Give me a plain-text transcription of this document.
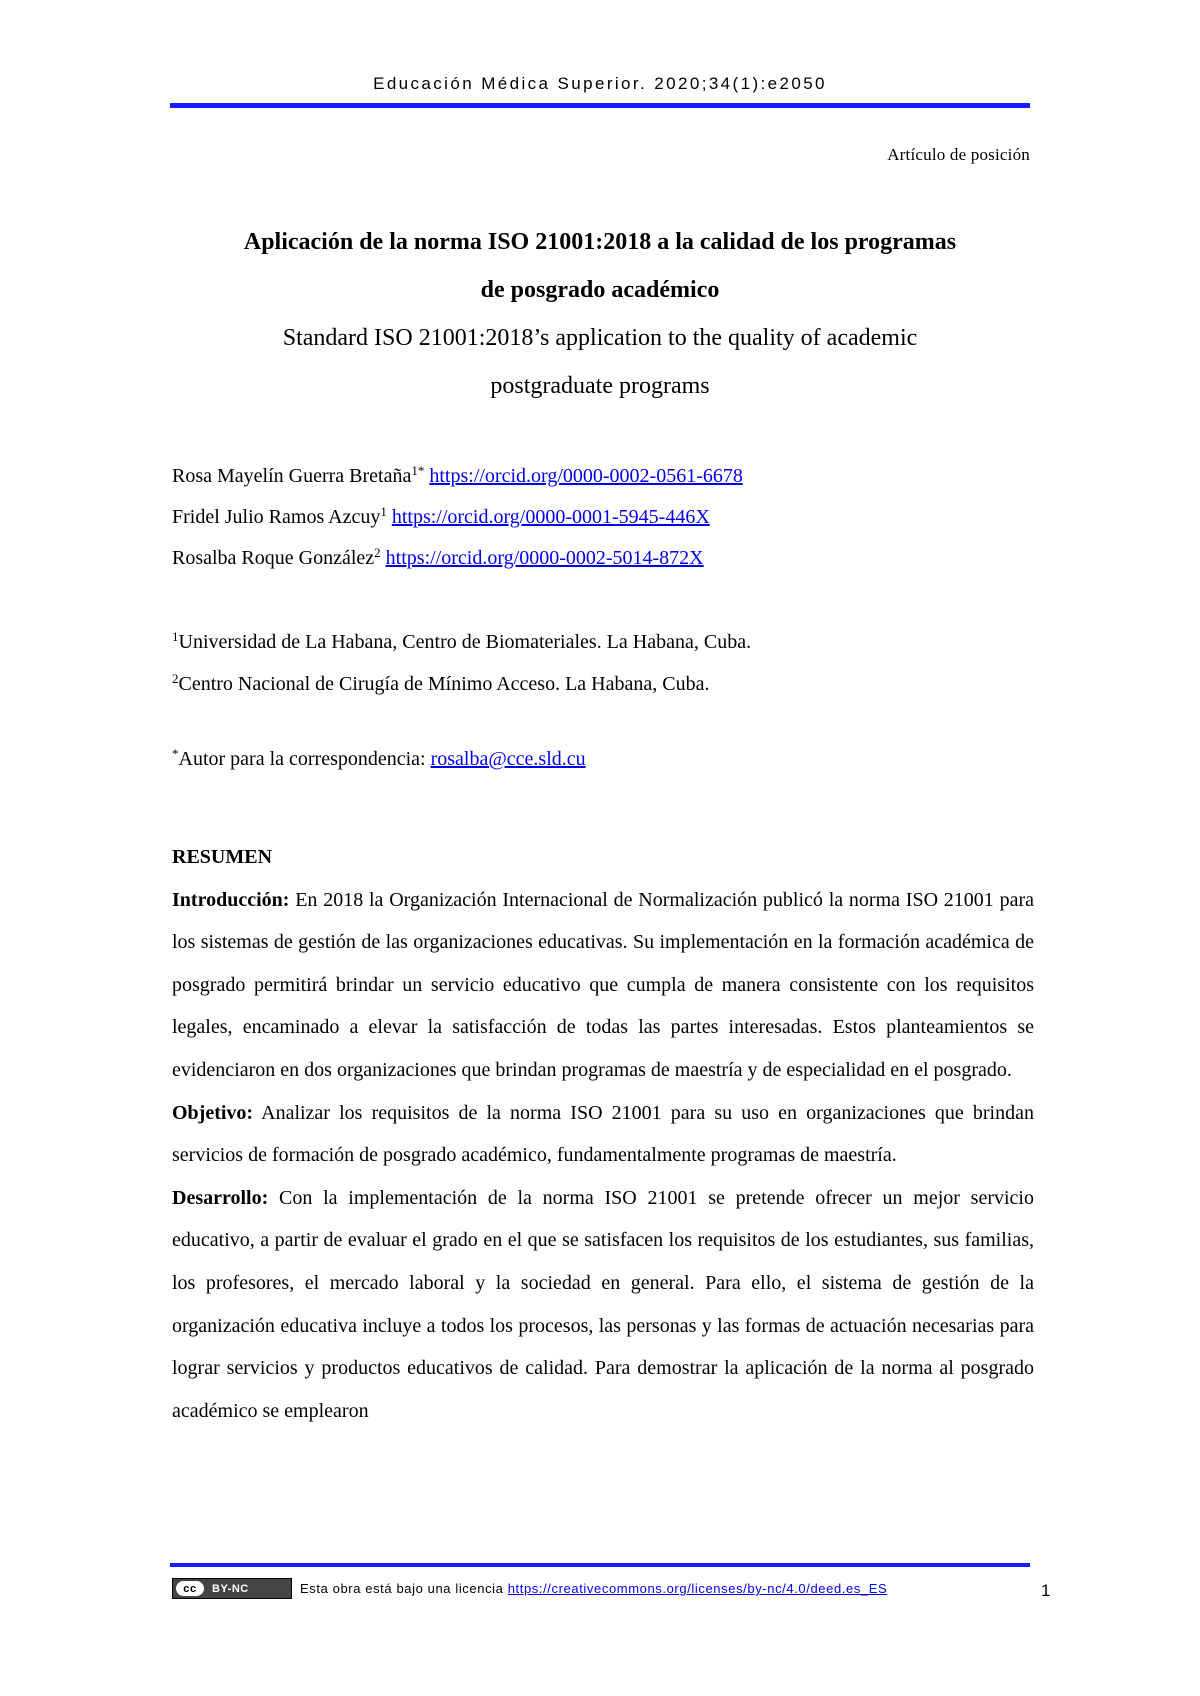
Educación Médica Superior. 2020;34(1):e2050
Artículo de posición
Aplicación de la norma ISO 21001:2018 a la calidad de los programas
de posgrado académico
Standard ISO 21001:2018’s application to the quality of academic
postgraduate programs
Rosa Mayelín Guerra Bretaña$^{1*}$ https://orcid.org/0000-0002-0561-6678
Fridel Julio Ramos Azcuy$^1$ https://orcid.org/0000-0001-5945-446X
Rosalba Roque González$^2$ https://orcid.org/0000-0002-5014-872X
$^1$Universidad de La Habana, Centro de Biomateriales. La Habana, Cuba.
$^2$Centro Nacional de Cirugía de Mínimo Acceso. La Habana, Cuba.
*Autor para la correspondencia: rosalba@cce.sld.cu
RESUMEN

Introducción: En 2018 la Organización Internacional de Normalización publicó la norma ISO 21001 para los sistemas de gestión de las organizaciones educativas. Su implementación en la formación académica de posgrado permitirá brindar un servicio educativo que cumpla de manera consistente con los requisitos legales, encaminado a elevar la satisfacción de todas las partes interesadas. Estos planteamientos se evidenciaron en dos organizaciones que brindan programas de maestría y de especialidad en el posgrado.

Objetivo: Analizar los requisitos de la norma ISO 21001 para su uso en organizaciones que brindan servicios de formación de posgrado académico, fundamentalmente programas de maestría.

Desarrollo: Con la implementación de la norma ISO 21001 se pretende ofrecer un mejor servicio educativo, a partir de evaluar el grado en el que se satisfacen los requisitos de los estudiantes, sus familias, los profesores, el mercado laboral y la sociedad en general. Para ello, el sistema de gestión de la organización educativa incluye a todos los procesos, las personas y las formas de actuación necesarias para lograr servicios y productos educativos de calidad. Para demostrar la aplicación de la norma al posgrado académico se emplearon

cc	BY-NC	Esta obra está bajo una licencia https://creativecommons.org/licenses/by-nc/4.0/deed.es_ES	1
